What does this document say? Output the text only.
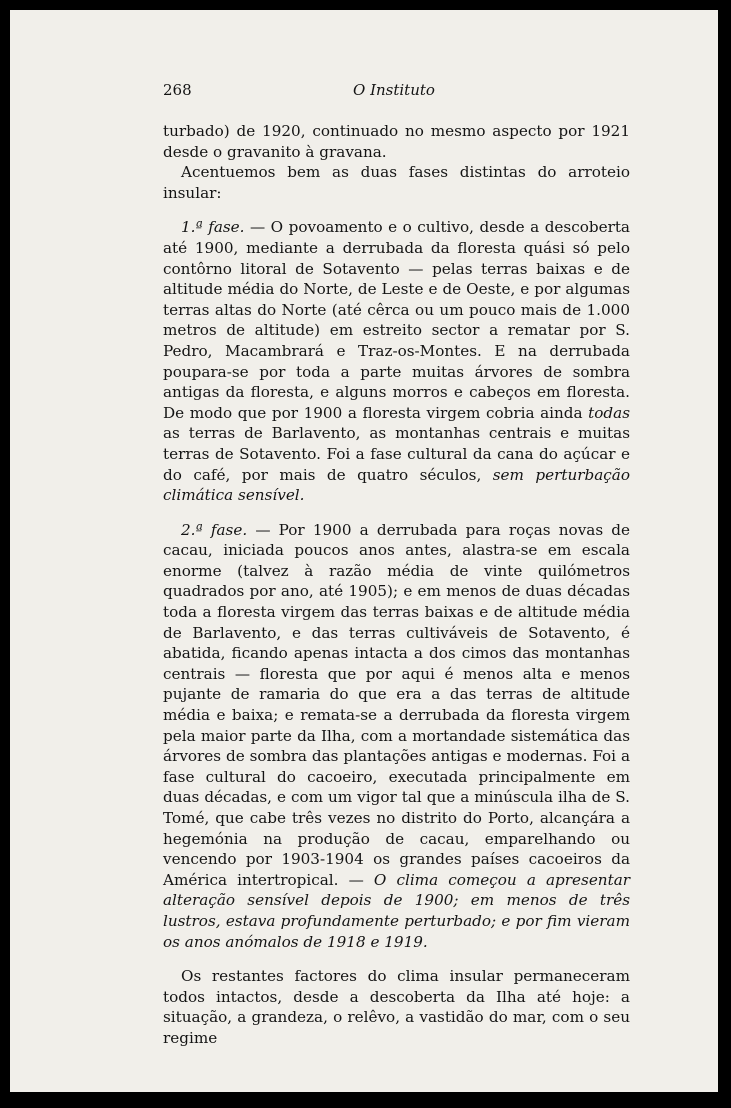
268	O Instituto

turbado) de 1920, continuado no mesmo aspecto por 1921 desde o gravanito à gravana.

Acentuemos bem as duas fases distintas do arroteio insular:

1.ª fase. — O povoamento e o cultivo, desde a descoberta até 1900, mediante a derrubada da floresta quási só pelo contôrno litoral de Sotavento — pelas terras baixas e de altitude média do Norte, de Leste e de Oeste, e por algumas terras altas do Norte (até cêrca ou um pouco mais de 1.000 metros de altitude) em estreito sector a rematar por S. Pedro, Macambrará e Traz-os-Montes. E na derrubada poupara-se por toda a parte muitas árvores de sombra antigas da floresta, e alguns morros e cabeços em floresta. De modo que por 1900 a floresta virgem cobria ainda todas as terras de Barlavento, as montanhas centrais e muitas terras de Sotavento. Foi a fase cultural da cana do açúcar e do café, por mais de quatro séculos, sem perturbação climática sensível.

2.ª fase. — Por 1900 a derrubada para roças novas de cacau, iniciada poucos anos antes, alastra-se em escala enorme (talvez à razão média de vinte quilómetros quadrados por ano, até 1905); e em menos de duas décadas toda a floresta virgem das terras baixas e de altitude média de Barlavento, e das terras cultiváveis de Sotavento, é abatida, ficando apenas intacta a dos cimos das montanhas centrais — floresta que por aqui é menos alta e menos pujante de ramaria do que era a das terras de altitude média e baixa; e remata-se a derrubada da floresta virgem pela maior parte da Ilha, com a mortandade sistemática das árvores de sombra das plantações antigas e modernas. Foi a fase cultural do cacoeiro, executada principalmente em duas décadas, e com um vigor tal que a minúscula ilha de S. Tomé, que cabe três vezes no distrito do Porto, alcançára a hegemónia na produção de cacau, emparelhando ou vencendo por 1903-1904 os grandes países cacoeiros da América intertropical. — O clima começou a apresentar alteração sensível depois de 1900; em menos de três lustros, estava profundamente perturbado; e por fim vieram os anos anómalos de 1918 e 1919.

Os restantes factores do clima insular permaneceram todos intactos, desde a descoberta da Ilha até hoje: a situação, a grandeza, o relêvo, a vastidão do mar, com o seu regime
